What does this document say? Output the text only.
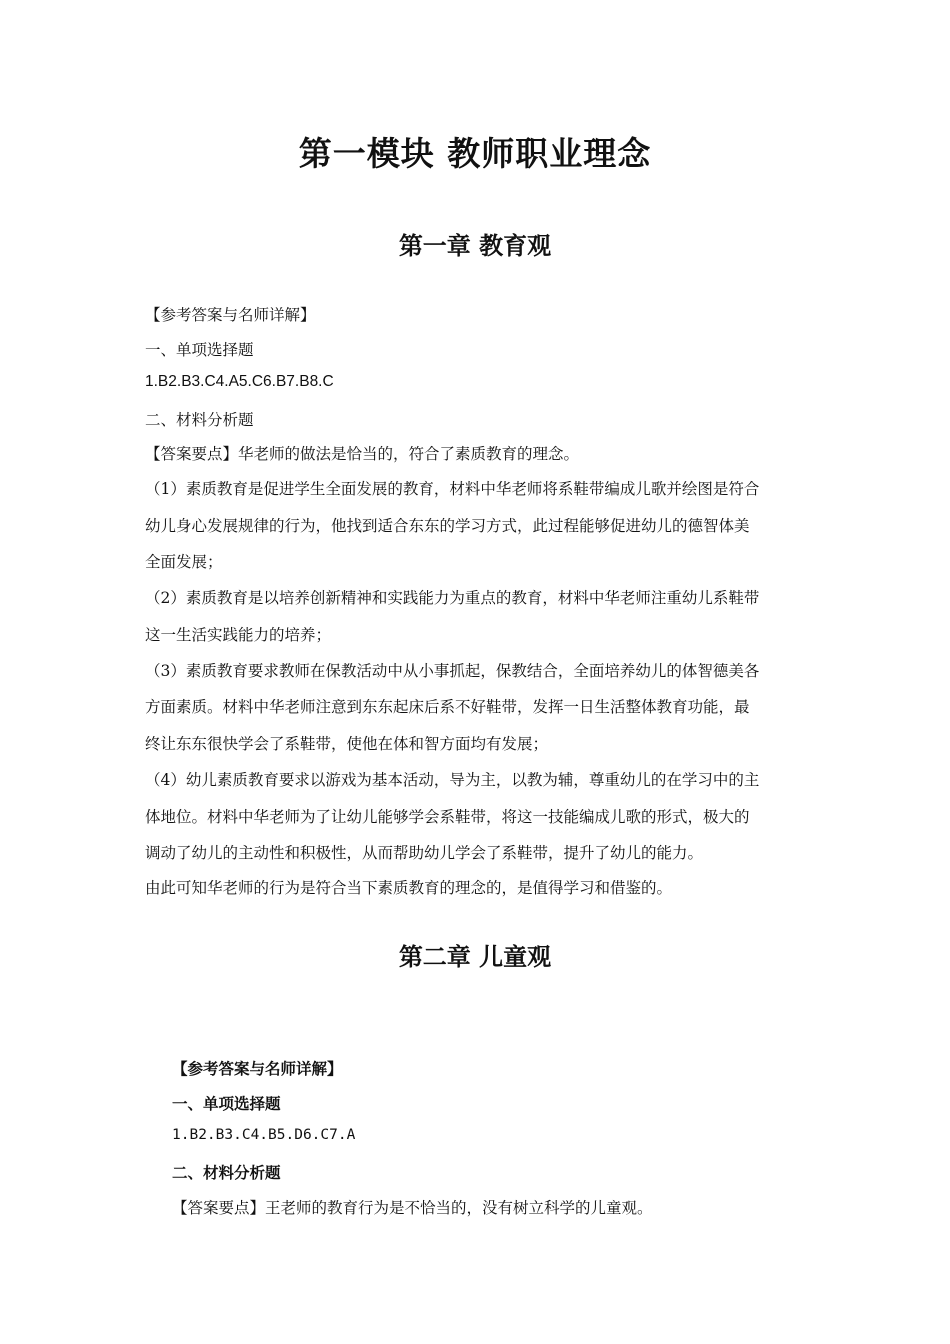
第一模块 教师职业理念
第一章 教育观
【参考答案与名师详解】
一、单项选择题
1.B2.B3.C4.A5.C6.B7.B8.C
二、材料分析题
【答案要点】华老师的做法是恰当的，符合了素质教育的理念。
（1）素质教育是促进学生全面发展的教育，材料中华老师将系鞋带编成儿歌并绘图是符合
幼儿身心发展规律的行为，他找到适合东东的学习方式，此过程能够促进幼儿的德智体美
全面发展；
（2）素质教育是以培养创新精神和实践能力为重点的教育，材料中华老师注重幼儿系鞋带
这一生活实践能力的培养；
（3）素质教育要求教师在保教活动中从小事抓起，保教结合，全面培养幼儿的体智德美各
方面素质。材料中华老师注意到东东起床后系不好鞋带，发挥一日生活整体教育功能，最
终让东东很快学会了系鞋带，使他在体和智方面均有发展；
（4）幼儿素质教育要求以游戏为基本活动，导为主，以教为辅，尊重幼儿的在学习中的主
体地位。材料中华老师为了让幼儿能够学会系鞋带，将这一技能编成儿歌的形式，极大的
调动了幼儿的主动性和积极性，从而帮助幼儿学会了系鞋带，提升了幼儿的能力。
由此可知华老师的行为是符合当下素质教育的理念的，是值得学习和借鉴的。
第二章 儿童观
【参考答案与名师详解】
一、单项选择题
1.B2.B3.C4.B5.D6.C7.A
二、材料分析题
【答案要点】王老师的教育行为是不恰当的，没有树立科学的儿童观。
